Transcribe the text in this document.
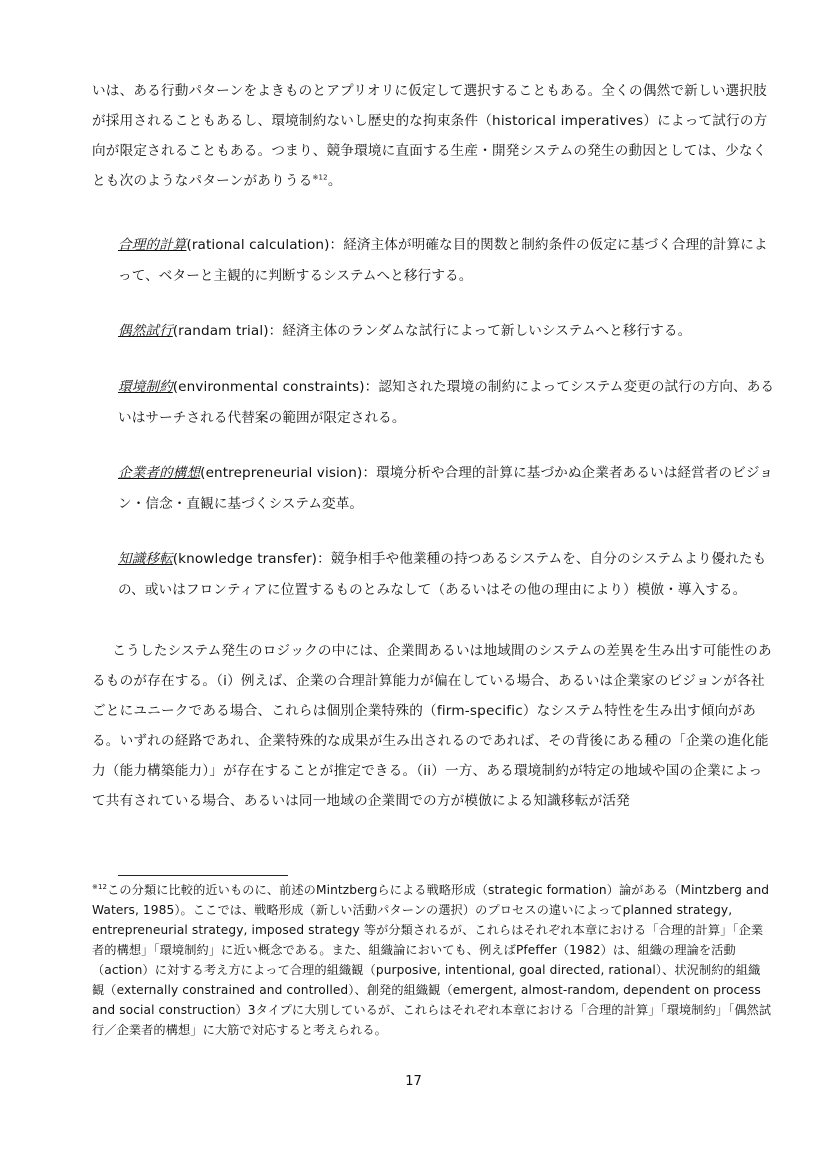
いは、ある行動パターンをよきものとアプリオリに仮定して選択することもある。全くの偶然で新しい選択肢が採用されることもあるし、環境制約ないし歴史的な拘束条件（historical imperatives）によって試行の方向が限定されることもある。つまり、競争環境に直面する生産・開発システムの発生の動因としては、少なくとも次のようなパターンがありうる$^{※12}$。

合理的計算(rational calculation)：経済主体が明確な目的関数と制約条件の仮定に基づく合理的計算によって、ベターと主観的に判断するシステムへと移行する。

偶然試行(randam trial)：経済主体のランダムな試行によって新しいシステムへと移行する。

環境制約(environmental constraints)：認知された環境の制約によってシステム変更の試行の方向、あるいはサーチされる代替案の範囲が限定される。

企業者的構想(entrepreneurial vision)：環境分析や合理的計算に基づかぬ企業者あるいは経営者のビジョン・信念・直観に基づくシステム変革。

知識移転(knowledge transfer)：競争相手や他業種の持つあるシステムを、自分のシステムより優れたもの、或いはフロンティアに位置するものとみなして（あるいはその他の理由により）模倣・導入する。

こうしたシステム発生のロジックの中には、企業間あるいは地域間のシステムの差異を生み出す可能性のあるものが存在する。（i）例えば、企業の合理計算能力が偏在している場合、あるいは企業家のビジョンが各社ごとにユニークである場合、これらは個別企業特殊的（firm-specific）なシステム特性を生み出す傾向がある。いずれの経路であれ、企業特殊的な成果が生み出されるのであれば、その背後にある種の「企業の進化能力（能力構築能力）」が存在することが推定できる。（ii）一方、ある環境制約が特定の地域や国の企業によって共有されている場合、あるいは同一地域の企業間での方が模倣による知識移転が活発

$^{※12}$この分類に比較的近いものに、前述のMintzbergらによる戦略形成（strategic formation）論がある（Mintzberg and Waters, 1985）。ここでは、戦略形成（新しい活動パターンの選択）のプロセスの違いによってplanned strategy, entrepreneurial strategy, imposed strategy 等が分類されるが、これらはそれぞれ本章における「合理的計算」「企業者的構想」「環境制約」に近い概念である。また、組織論においても、例えばPfeffer（1982）は、組織の理論を活動（action）に対する考え方によって合理的組織観（purposive, intentional, goal directed, rational）、状況制約的組織観（externally constrained and controlled）、創発的組織観（emergent, almost-random, dependent on process and social construction）3タイプに大別しているが、これらはそれぞれ本章における「合理的計算」「環境制約」「偶然試行／企業者的構想」に大筋で対応すると考えられる。

17
